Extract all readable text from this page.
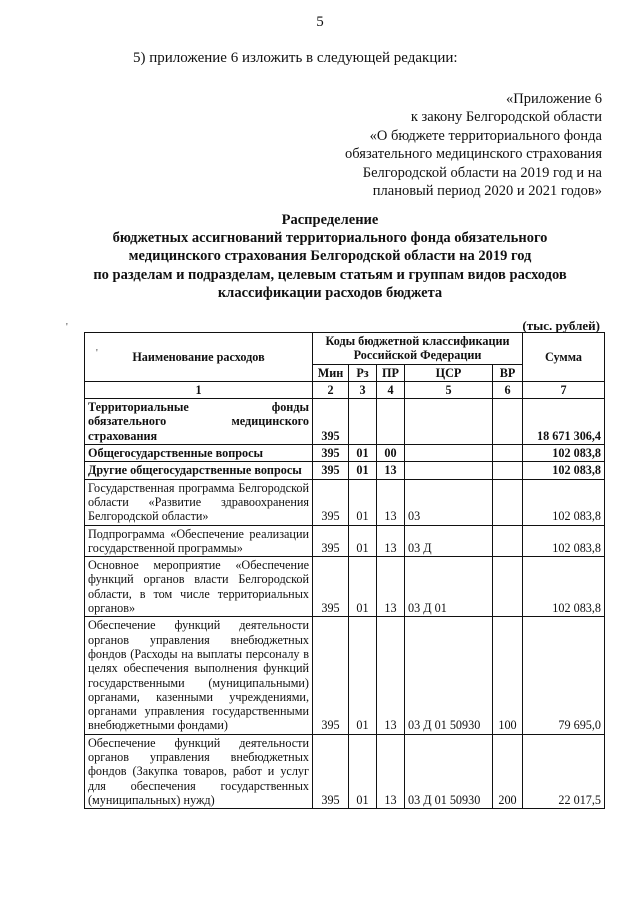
5
5) приложение 6 изложить в следующей редакции:
«Приложение 6
к закону Белгородской области
«О бюджете территориального фонда
обязательного медицинского страхования
Белгородской области на 2019 год и на
плановый период 2020 и 2021 годов»
Распределение
бюджетных ассигнований территориального фонда обязательного
медицинского страхования Белгородской области на 2019 год
по разделам и подразделам, целевым статьям и группам видов расходов
классификации расходов бюджета
(тыс. рублей)
'
'	Наименование расходов	Коды бюджетной классификации Российской Федерации					Сумма
	Мин	Рз	ПР	ЦСР	ВР	
1	2	3	4	5	6	7
Территориальные фонды обязательного медицинского страхования	395					18 671 306,4
Общегосударственные вопросы	395	01	00			102 083,8
Другие общегосударственные вопросы	395	01	13			102 083,8
Государственная программа Белгородской области «Развитие здравоохранения Белгородской области»	395	01	13	03		102 083,8
Подпрограмма «Обеспечение реализации государственной программы»	395	01	13	03 Д		102 083,8
Основное мероприятие «Обеспечение функций органов власти Белгородской области, в том числе территориальных органов»	395	01	13	03 Д 01		102 083,8
Обеспечение функций деятельности органов управления внебюджетных фондов (Расходы на выплаты персоналу в целях обеспечения выполнения функций государственными (муниципальными) органами, казенными учреждениями, органами управления государственными внебюджетными фондами)	395	01	13	03 Д 01 50930	100	79 695,0
Обеспечение функций деятельности органов управления внебюджетных фондов (Закупка товаров, работ и услуг для обеспечения государственных (муниципальных) нужд)	395	01	13	03 Д 01 50930	200	22 017,5
